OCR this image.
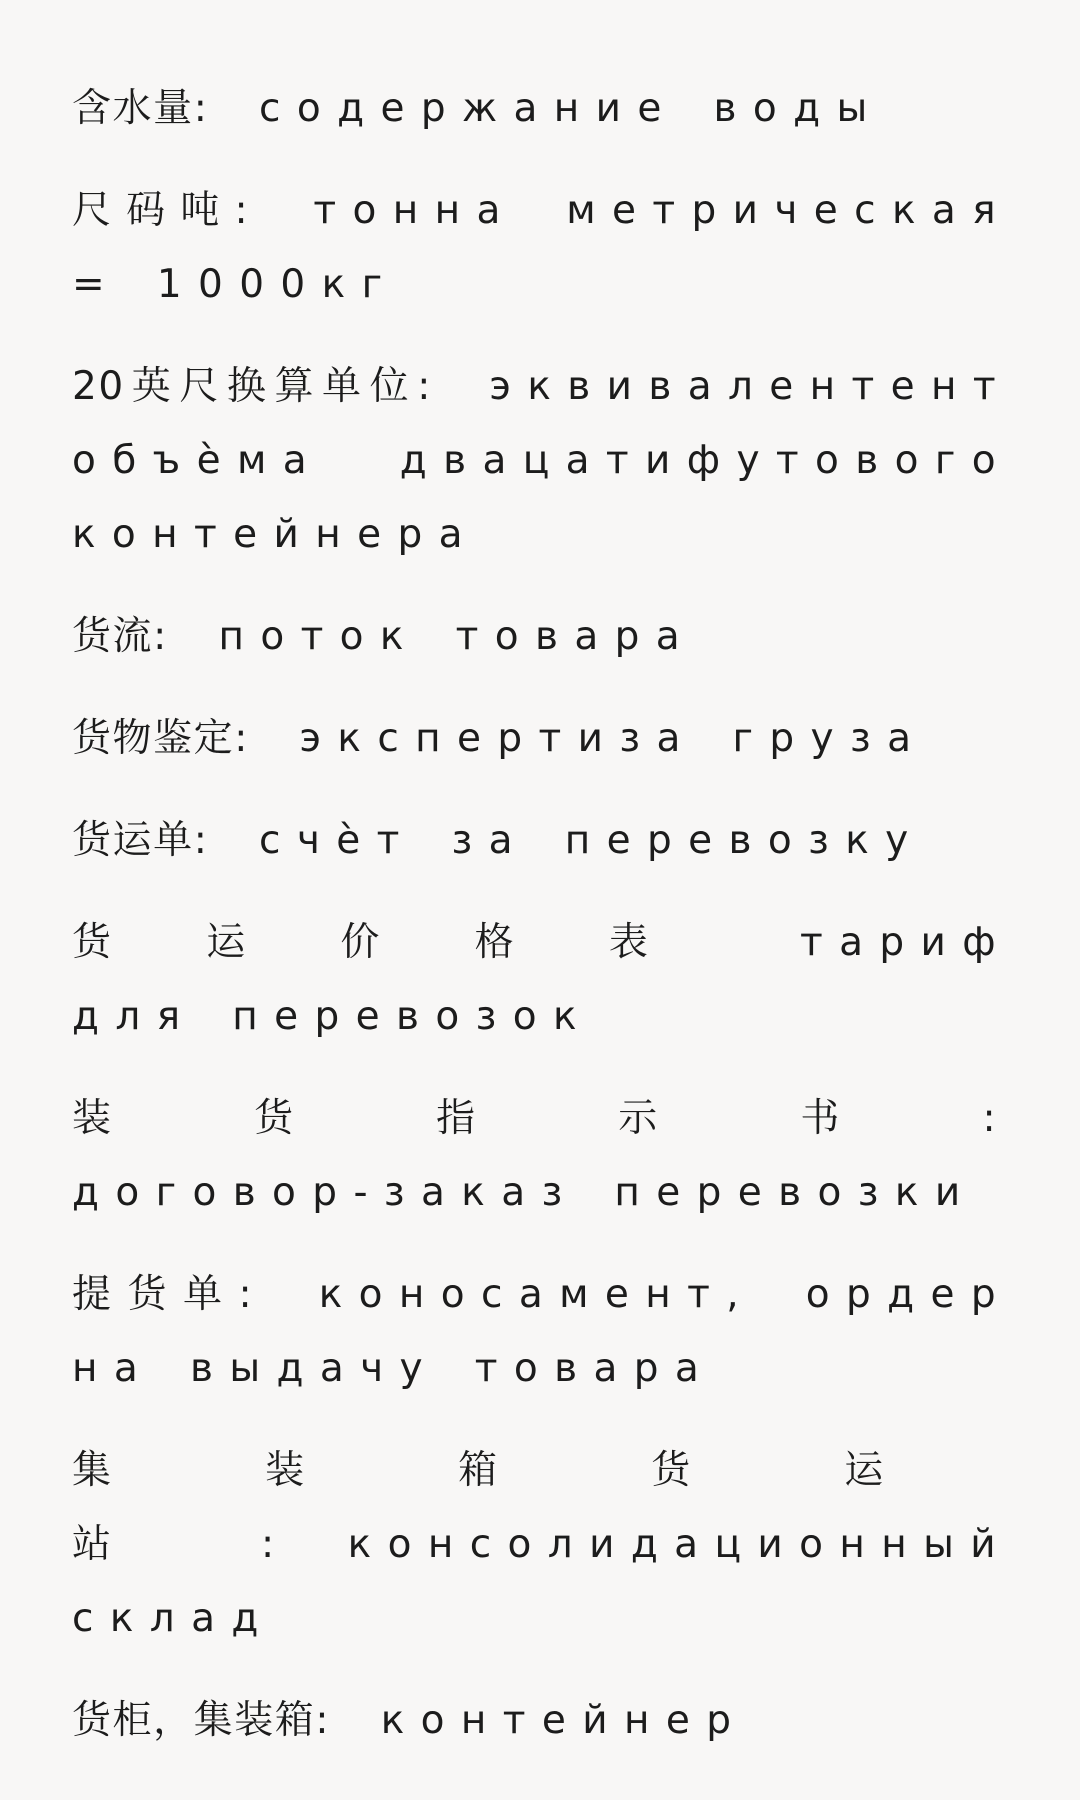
含水量: содержание воды

尺码吨: тонна метрическая = 1000кг

20英尺换算单位: эквивалентент объѐма двацатифутового контейнера

货流: поток товара

货物鉴定: экспертиза груза

货运单: счѐт за перевозку

货运价格表 тариф для перевозок

装货指示书: договор-заказ перевозки

提货单: коносамент, ордер на выдачу товара

集装箱货运站: консолидационный склад

货柜，集装箱: контейнер
